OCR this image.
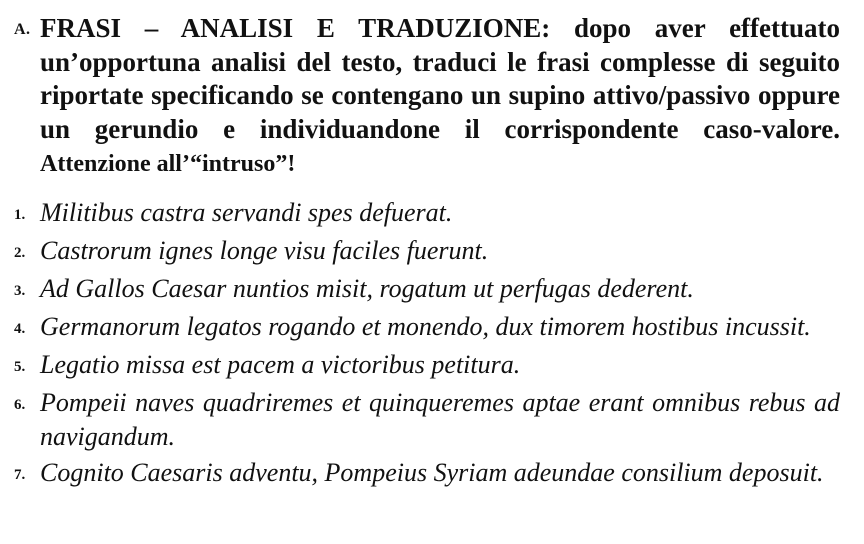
A. FRASI – ANALISI E TRADUZIONE: dopo aver effettuato un’opportuna analisi del testo, traduci le frasi complesse di seguito riportate specificando se contengano un supino attivo/passivo oppure un gerundio e individuandone il corrispondente caso-valore. Attenzione all’“intruso”!
1. Militibus castra servandi spes defuerat.
2. Castrorum ignes longe visu faciles fuerunt.
3. Ad Gallos Caesar nuntios misit, rogatum ut perfugas dederent.
4. Germanorum legatos rogando et monendo, dux timorem hostibus incussit.
5. Legatio missa est pacem a victoribus petitura.
6. Pompeii naves quadriremes et quinqueremes aptae erant omnibus rebus ad navigandum.
7. Cognito Caesaris adventu, Pompeius Syriam adeundae consilium deposuit.
